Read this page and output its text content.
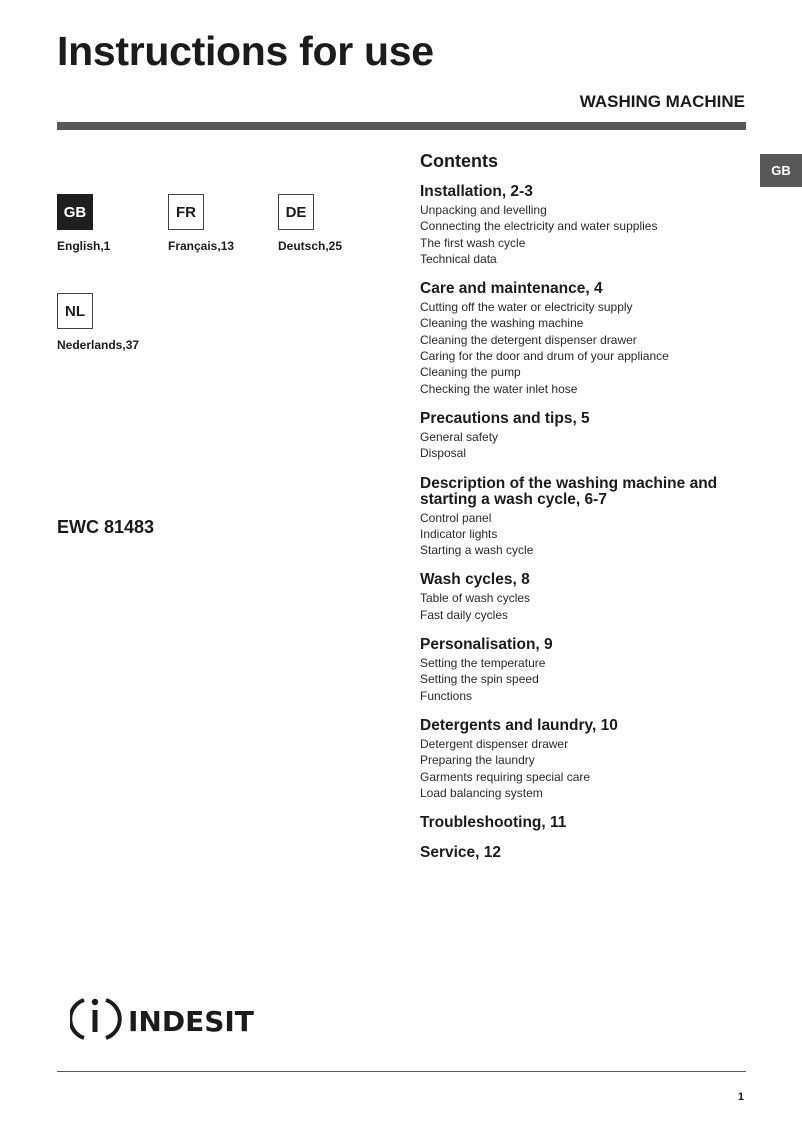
Instructions for use
WASHING MACHINE
GB
GB
English,1
FR
Français,13
DE
Deutsch,25
NL
Nederlands,37
EWC 81483
Contents
Installation, 2-3
Unpacking and levelling
Connecting the electricity and water supplies
The first wash cycle
Technical data
Care and maintenance, 4
Cutting off the water or electricity supply
Cleaning the washing machine
Cleaning the detergent dispenser drawer
Caring for the door and drum of your appliance
Cleaning the pump
Checking the water inlet hose
Precautions and tips, 5
General safety
Disposal
Description of the washing machine and starting a wash cycle, 6-7
Control panel
Indicator lights
Starting a wash cycle
Wash cycles, 8
Table of wash cycles
Fast daily cycles
Personalisation, 9
Setting the temperature
Setting the spin speed
Functions
Detergents and laundry, 10
Detergent dispenser drawer
Preparing the laundry
Garments requiring special care
Load balancing system
Troubleshooting, 11
Service, 12
INDESIT
1
